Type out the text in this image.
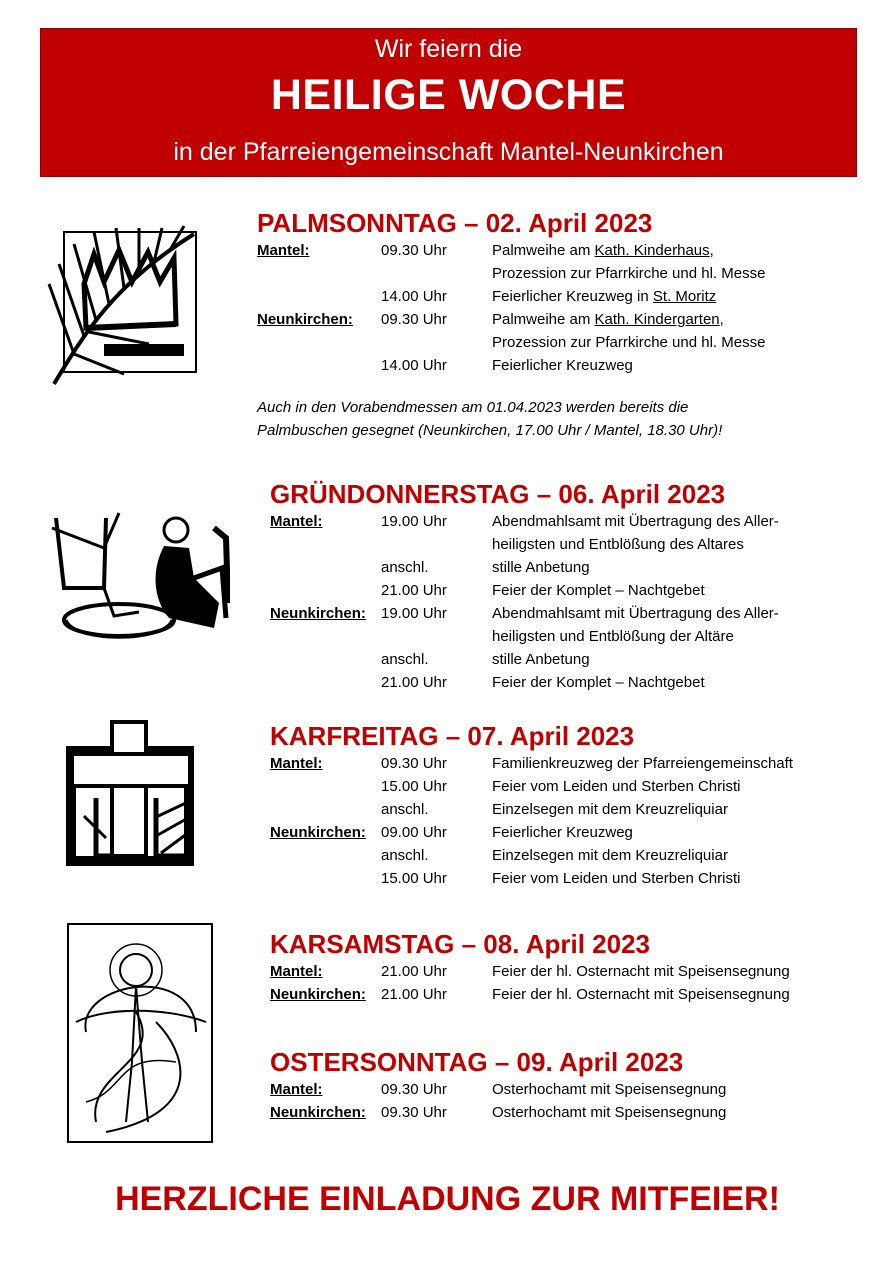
Wir feiern die
HEILIGE WOCHE
in der Pfarreiengemeinschaft Mantel-Neunkirchen
PALMSONNTAG – 02. April 2023
Mantel:	09.30 Uhr	Palmweihe am Kath. Kinderhaus,
Prozession zur Pfarrkirche und hl. Messe
14.00 Uhr	Feierlicher Kreuzweg in St. Moritz
Neunkirchen: 09.30 Uhr	Palmweihe am Kath. Kindergarten,
Prozession zur Pfarrkirche und hl. Messe
14.00 Uhr	Feierlicher Kreuzweg
Auch in den Vorabendmessen am 01.04.2023 werden bereits die
Palmbuschen gesegnet (Neunkirchen, 17.00 Uhr / Mantel, 18.30 Uhr)!
GRÜNDONNERSTAG – 06. April 2023
Mantel:	19.00 Uhr	Abendmahlsamt mit Übertragung des Aller-
heiligsten und Entblößung des Altares
anschl.	stille Anbetung
21.00 Uhr	Feier der Komplet – Nachtgebet
Neunkirchen: 19.00 Uhr	Abendmahlsamt mit Übertragung des Aller-
heiligsten und Entblößung der Altäre
anschl.	stille Anbetung
21.00 Uhr	Feier der Komplet – Nachtgebet
KARFREITAG – 07. April 2023
Mantel:	09.30 Uhr	Familienkreuzweg der Pfarreiengemeinschaft
15.00 Uhr	Feier vom Leiden und Sterben Christi
anschl.	Einzelsegen mit dem Kreuzreliquiar
Neunkirchen: 09.00 Uhr	Feierlicher Kreuzweg
anschl.	Einzelsegen mit dem Kreuzreliquiar
15.00 Uhr	Feier vom Leiden und Sterben Christi
KARSAMSTAG – 08. April 2023
Mantel:	21.00 Uhr	Feier der hl. Osternacht mit Speisensegnung
Neunkirchen: 21.00 Uhr	Feier der hl. Osternacht mit Speisensegnung
OSTERSONNTAG – 09. April 2023
Mantel:	09.30 Uhr	Osterhochamt mit Speisensegnung
Neunkirchen: 09.30 Uhr	Osterhochamt mit Speisensegnung
HERZLICHE EINLADUNG ZUR MITFEIER!
